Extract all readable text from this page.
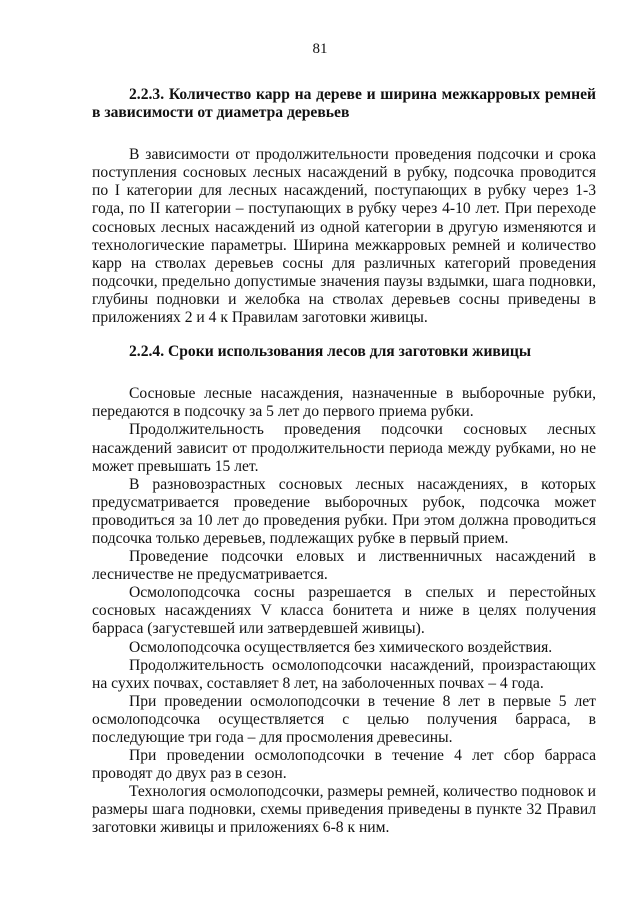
81

2.2.3. Количество карр на дереве и ширина межкарровых ремней в зависимости от диаметра деревьев

В зависимости от продолжительности проведения подсочки и срока поступления сосновых лесных насаждений в рубку, подсочка проводится по I категории для лесных насаждений, поступающих в рубку через 1-3 года, по II категории – поступающих в рубку через 4-10 лет. При переходе сосновых лесных насаждений из одной категории в другую изменяются и технологические параметры. Ширина межкарровых ремней и количество карр на стволах деревьев сосны для различных категорий проведения подсочки, предельно допустимые значения паузы вздымки, шага подновки, глубины подновки и желобка на стволах деревьев сосны приведены в приложениях 2 и 4 к Правилам заготовки живицы.

2.2.4. Сроки использования лесов для заготовки живицы

Сосновые лесные насаждения, назначенные в выборочные рубки, передаются в подсочку за 5 лет до первого приема рубки.

Продолжительность проведения подсочки сосновых лесных насаждений зависит от продолжительности периода между рубками, но не может превышать 15 лет.

В разновозрастных сосновых лесных насаждениях, в которых предусматривается проведение выборочных рубок, подсочка может проводиться за 10 лет до проведения рубки. При этом должна проводиться подсочка только деревьев, подлежащих рубке в первый прием.

Проведение подсочки еловых и лиственничных насаждений в лесничестве не предусматривается.

Осмолоподсочка сосны разрешается в спелых и перестойных сосновых насаждениях V класса бонитета и ниже в целях получения барраса (загустевшей или затвердевшей живицы).

Осмолоподсочка осуществляется без химического воздействия.

Продолжительность осмолоподсочки насаждений, произрастающих на сухих почвах, составляет 8 лет, на заболоченных почвах – 4 года.

При проведении осмолоподсочки в течение 8 лет в первые 5 лет осмолоподсочка осуществляется с целью получения барраса, в последующие три года – для просмоления древесины.

При проведении осмолоподсочки в течение 4 лет сбор барраса проводят до двух раз в сезон.

Технология осмолоподсочки, размеры ремней, количество подновок и размеры шага подновки, схемы приведения приведены в пункте 32 Правил заготовки живицы и приложениях 6-8 к ним.
